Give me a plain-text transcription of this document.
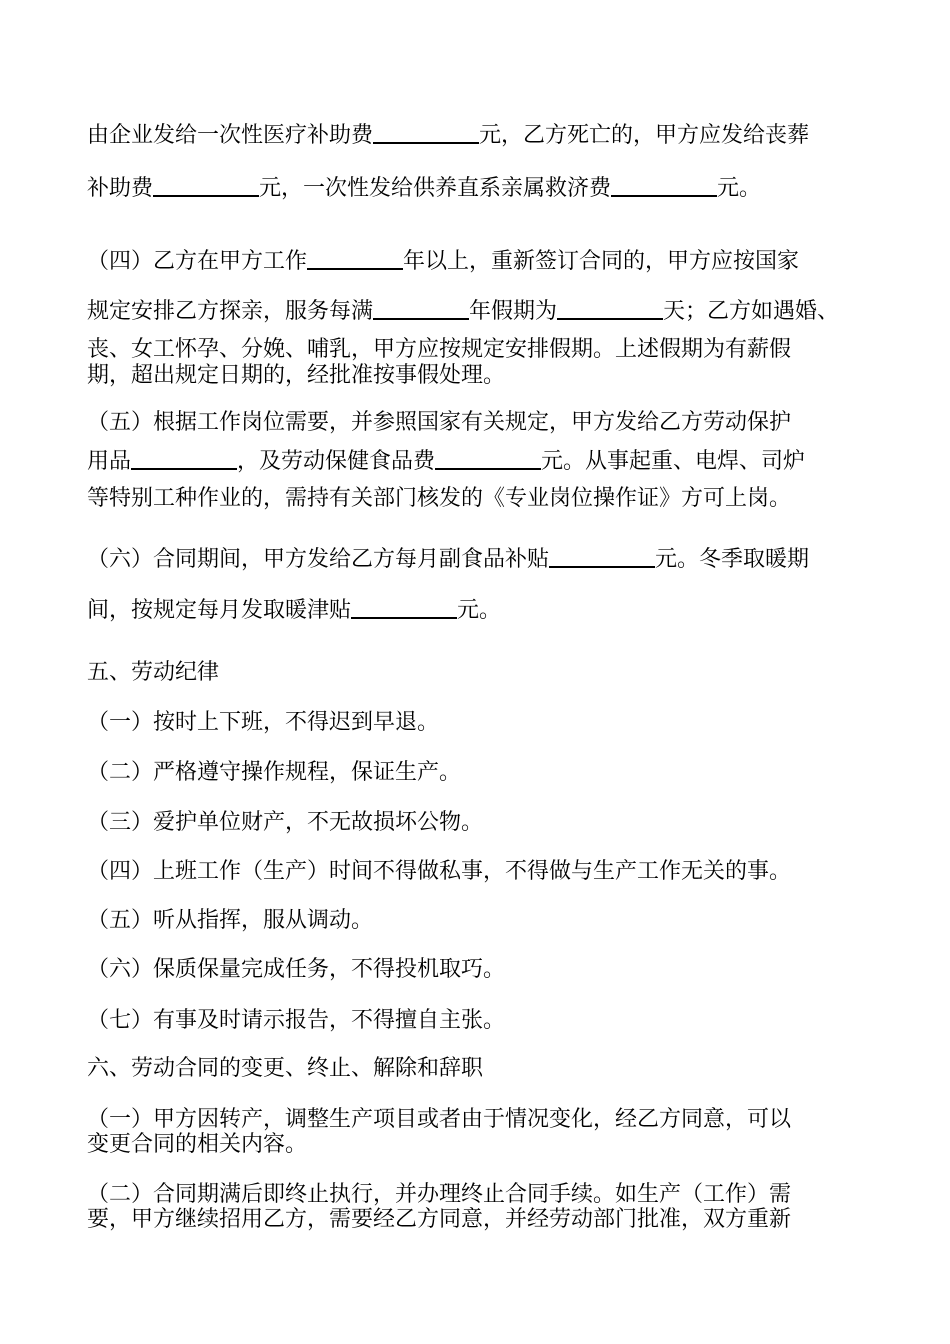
由企业发给一次性医疗补助费	元，乙方死亡的，甲方应发给丧葬
补助费	元，一次性发给供养直系亲属救济费	元。
（四）乙方在甲方工作	年以上，重新签订合同的，甲方应按国家
规定安排乙方探亲，服务每满	年假期为	天；乙方如遇婚、
丧、女工怀孕、分娩、哺乳，甲方应按规定安排假期。上述假期为有薪假
期，超出规定日期的，经批准按事假处理。
（五）根据工作岗位需要，并参照国家有关规定，甲方发给乙方劳动保护
用品	，及劳动保健食品费	元。从事起重、电焊、司炉
等特别工种作业的，需持有关部门核发的《专业岗位操作证》方可上岗。
（六）合同期间，甲方发给乙方每月副食品补贴	元。冬季取暖期
间，按规定每月发取暖津贴	元。
五、劳动纪律
（一）按时上下班，不得迟到早退。
（二）严格遵守操作规程，保证生产。
（三）爱护单位财产，不无故损坏公物。
（四）上班工作（生产）时间不得做私事，不得做与生产工作无关的事。
（五）听从指挥，服从调动。
（六）保质保量完成任务，不得投机取巧。
（七）有事及时请示报告，不得擅自主张。
六、劳动合同的变更、终止、解除和辞职
（一）甲方因转产，调整生产项目或者由于情况变化，经乙方同意，可以
变更合同的相关内容。
（二）合同期满后即终止执行，并办理终止合同手续。如生产（工作）需
要，甲方继续招用乙方，需要经乙方同意，并经劳动部门批准，双方重新
